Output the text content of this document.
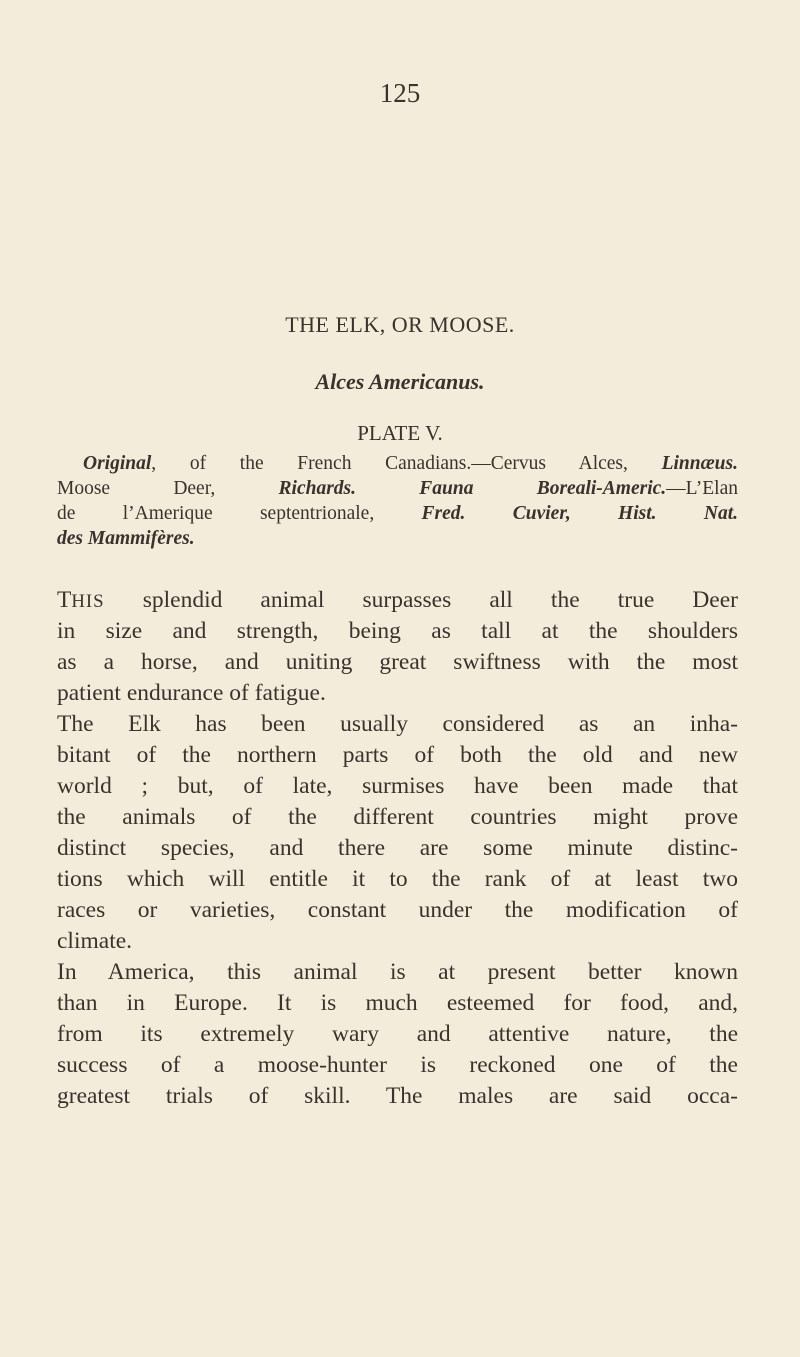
125
THE ELK, OR MOOSE.
Alces Americanus.
PLATE V.
Original, of the French Canadians.—Cervus Alces, Linnæus.
Moose Deer, Richards. Fauna Boreali-Americ.—L’Elan
de l’Amerique septentrionale, Fred. Cuvier, Hist. Nat.
des Mammifères.
THIS splendid animal surpasses all the true Deer
in size and strength, being as tall at the shoulders
as a horse, and uniting great swiftness with the most
patient endurance of fatigue.
The Elk has been usually considered as an inha-
bitant of the northern parts of both the old and new
world ; but, of late, surmises have been made that
the animals of the different countries might prove
distinct species, and there are some minute distinc-
tions which will entitle it to the rank of at least two
races or varieties, constant under the modification of
climate.
In America, this animal is at present better known
than in Europe. It is much esteemed for food, and,
from its extremely wary and attentive nature, the
success of a moose-hunter is reckoned one of the
greatest trials of skill. The males are said occa-
